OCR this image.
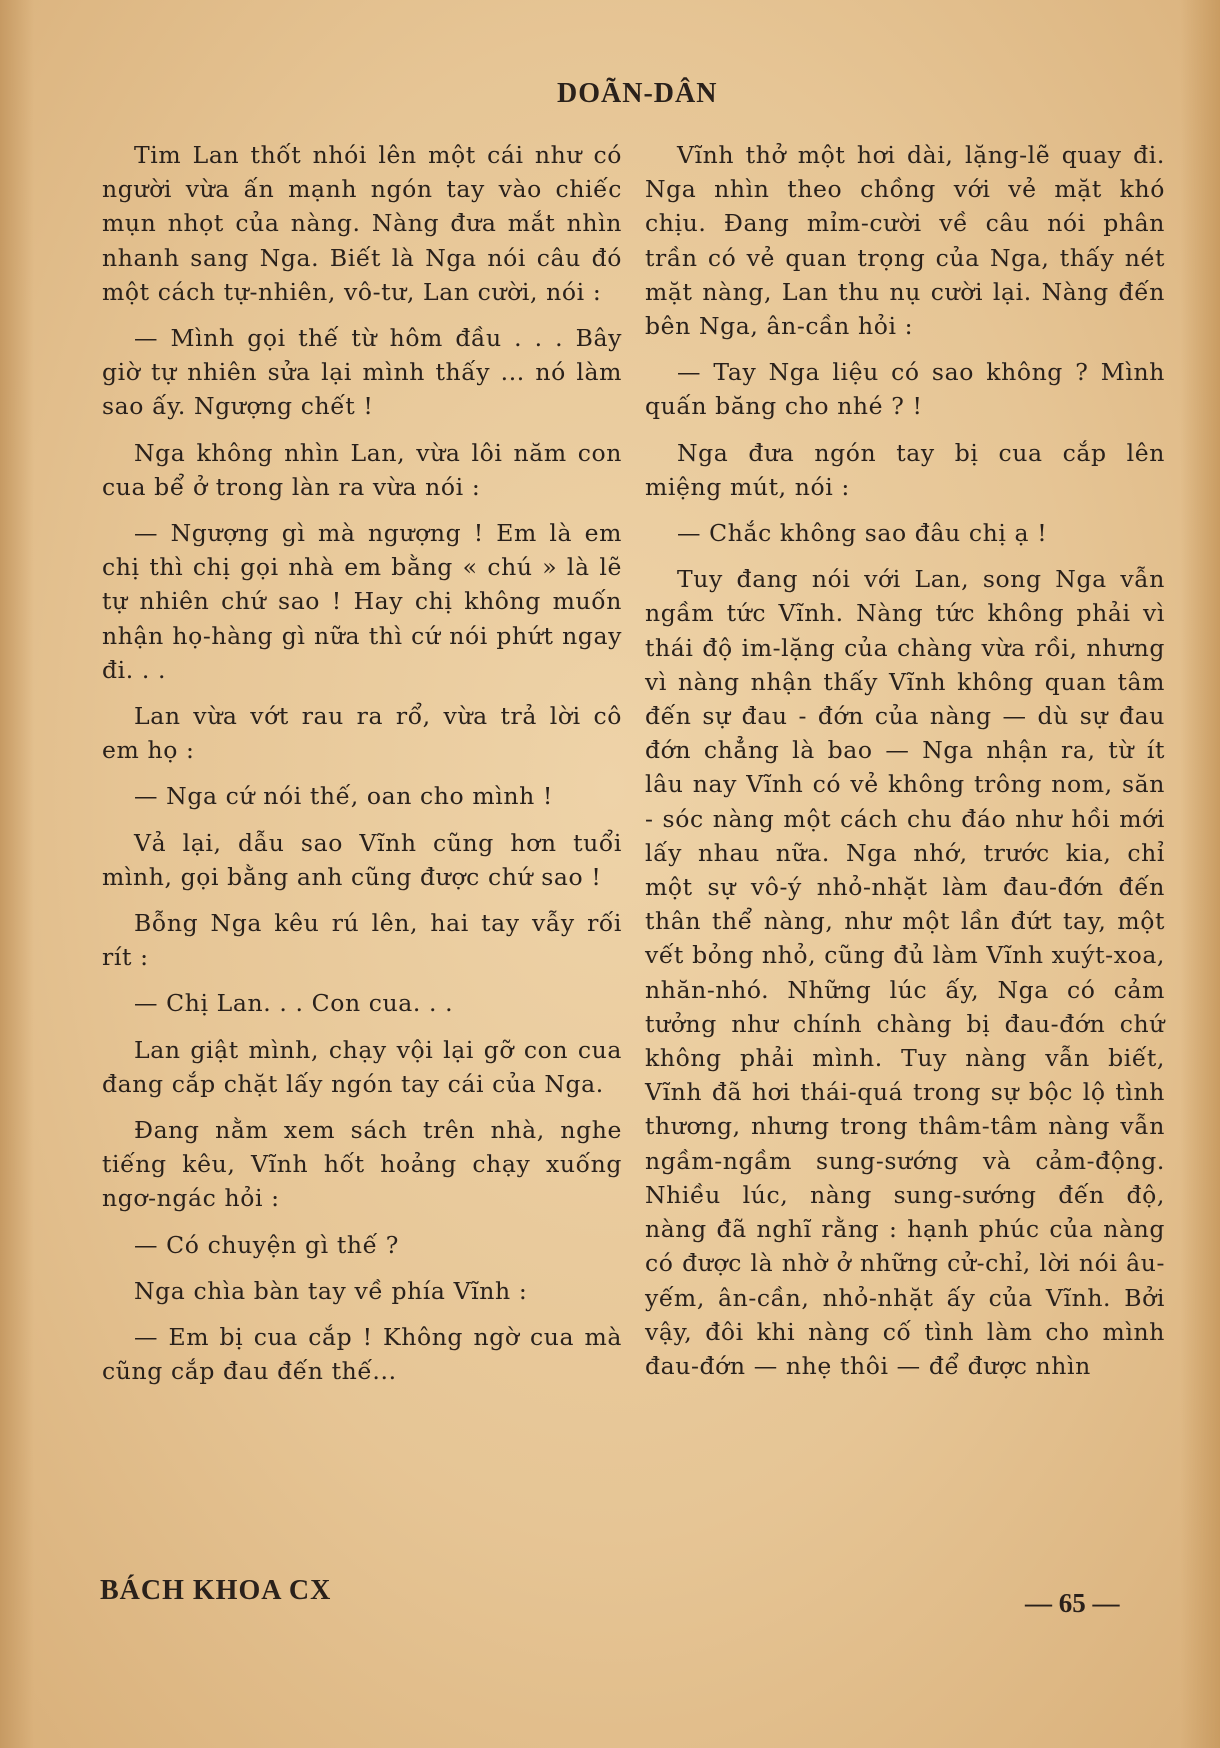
DOÃN-DÂN

Tim Lan thốt nhói lên một cái như có người vừa ấn mạnh ngón tay vào chiếc mụn nhọt của nàng. Nàng đưa mắt nhìn nhanh sang Nga. Biết là Nga nói câu đó một cách tự-nhiên, vô-tư, Lan cười, nói :

— Mình gọi thế từ hôm đầu . . . Bây giờ tự nhiên sửa lại mình thấy ... nó làm sao ấy. Ngượng chết !

Nga không nhìn Lan, vừa lôi năm con cua bể ở trong làn ra vừa nói :

— Ngượng gì mà ngượng ! Em là em chị thì chị gọi nhà em bằng « chú » là lẽ tự nhiên chứ sao ! Hay chị không muốn nhận họ-hàng gì nữa thì cứ nói phứt ngay đi. . .

Lan vừa vớt rau ra rổ, vừa trả lời cô em họ :

— Nga cứ nói thế, oan cho mình !

Vả lại, dẫu sao Vĩnh cũng hơn tuổi mình, gọi bằng anh cũng được chứ sao !

Bỗng Nga kêu rú lên, hai tay vẫy rối rít :

— Chị Lan. . . Con cua. . .

Lan giật mình, chạy vội lại gỡ con cua đang cắp chặt lấy ngón tay cái của Nga.

Đang nằm xem sách trên nhà, nghe tiếng kêu, Vĩnh hốt hoảng chạy xuống ngơ-ngác hỏi :

— Có chuyện gì thế ?

Nga chìa bàn tay về phía Vĩnh :

— Em bị cua cắp ! Không ngờ cua mà cũng cắp đau đến thế...

Vĩnh thở một hơi dài, lặng-lẽ quay đi. Nga nhìn theo chồng với vẻ mặt khó chịu. Đang mỉm-cười về câu nói phân trần có vẻ quan trọng của Nga, thấy nét mặt nàng, Lan thu nụ cười lại. Nàng đến bên Nga, ân-cần hỏi :

— Tay Nga liệu có sao không ? Mình quấn băng cho nhé ? !

Nga đưa ngón tay bị cua cắp lên miệng mút, nói :

— Chắc không sao đâu chị ạ !

Tuy đang nói với Lan, song Nga vẫn ngầm tức Vĩnh. Nàng tức không phải vì thái độ im-lặng của chàng vừa rồi, nhưng vì nàng nhận thấy Vĩnh không quan tâm đến sự đau - đớn của nàng — dù sự đau đớn chẳng là bao — Nga nhận ra, từ ít lâu nay Vĩnh có vẻ không trông nom, săn - sóc nàng một cách chu đáo như hồi mới lấy nhau nữa. Nga nhớ, trước kia, chỉ một sự vô-ý nhỏ-nhặt làm đau-đớn đến thân thể nàng, như một lần đứt tay, một vết bỏng nhỏ, cũng đủ làm Vĩnh xuýt-xoa, nhăn-nhó. Những lúc ấy, Nga có cảm tưởng như chính chàng bị đau-đớn chứ không phải mình. Tuy nàng vẫn biết, Vĩnh đã hơi thái-quá trong sự bộc lộ tình thương, nhưng trong thâm-tâm nàng vẫn ngầm-ngầm sung-sướng và cảm-động. Nhiều lúc, nàng sung-sướng đến độ, nàng đã nghĩ rằng : hạnh phúc của nàng có được là nhờ ở những cử-chỉ, lời nói âu-yếm, ân-cần, nhỏ-nhặt ấy của Vĩnh. Bởi vậy, đôi khi nàng cố tình làm cho mình đau-đớn — nhẹ thôi — để được nhìn

BÁCH KHOA CX	— 65 —
